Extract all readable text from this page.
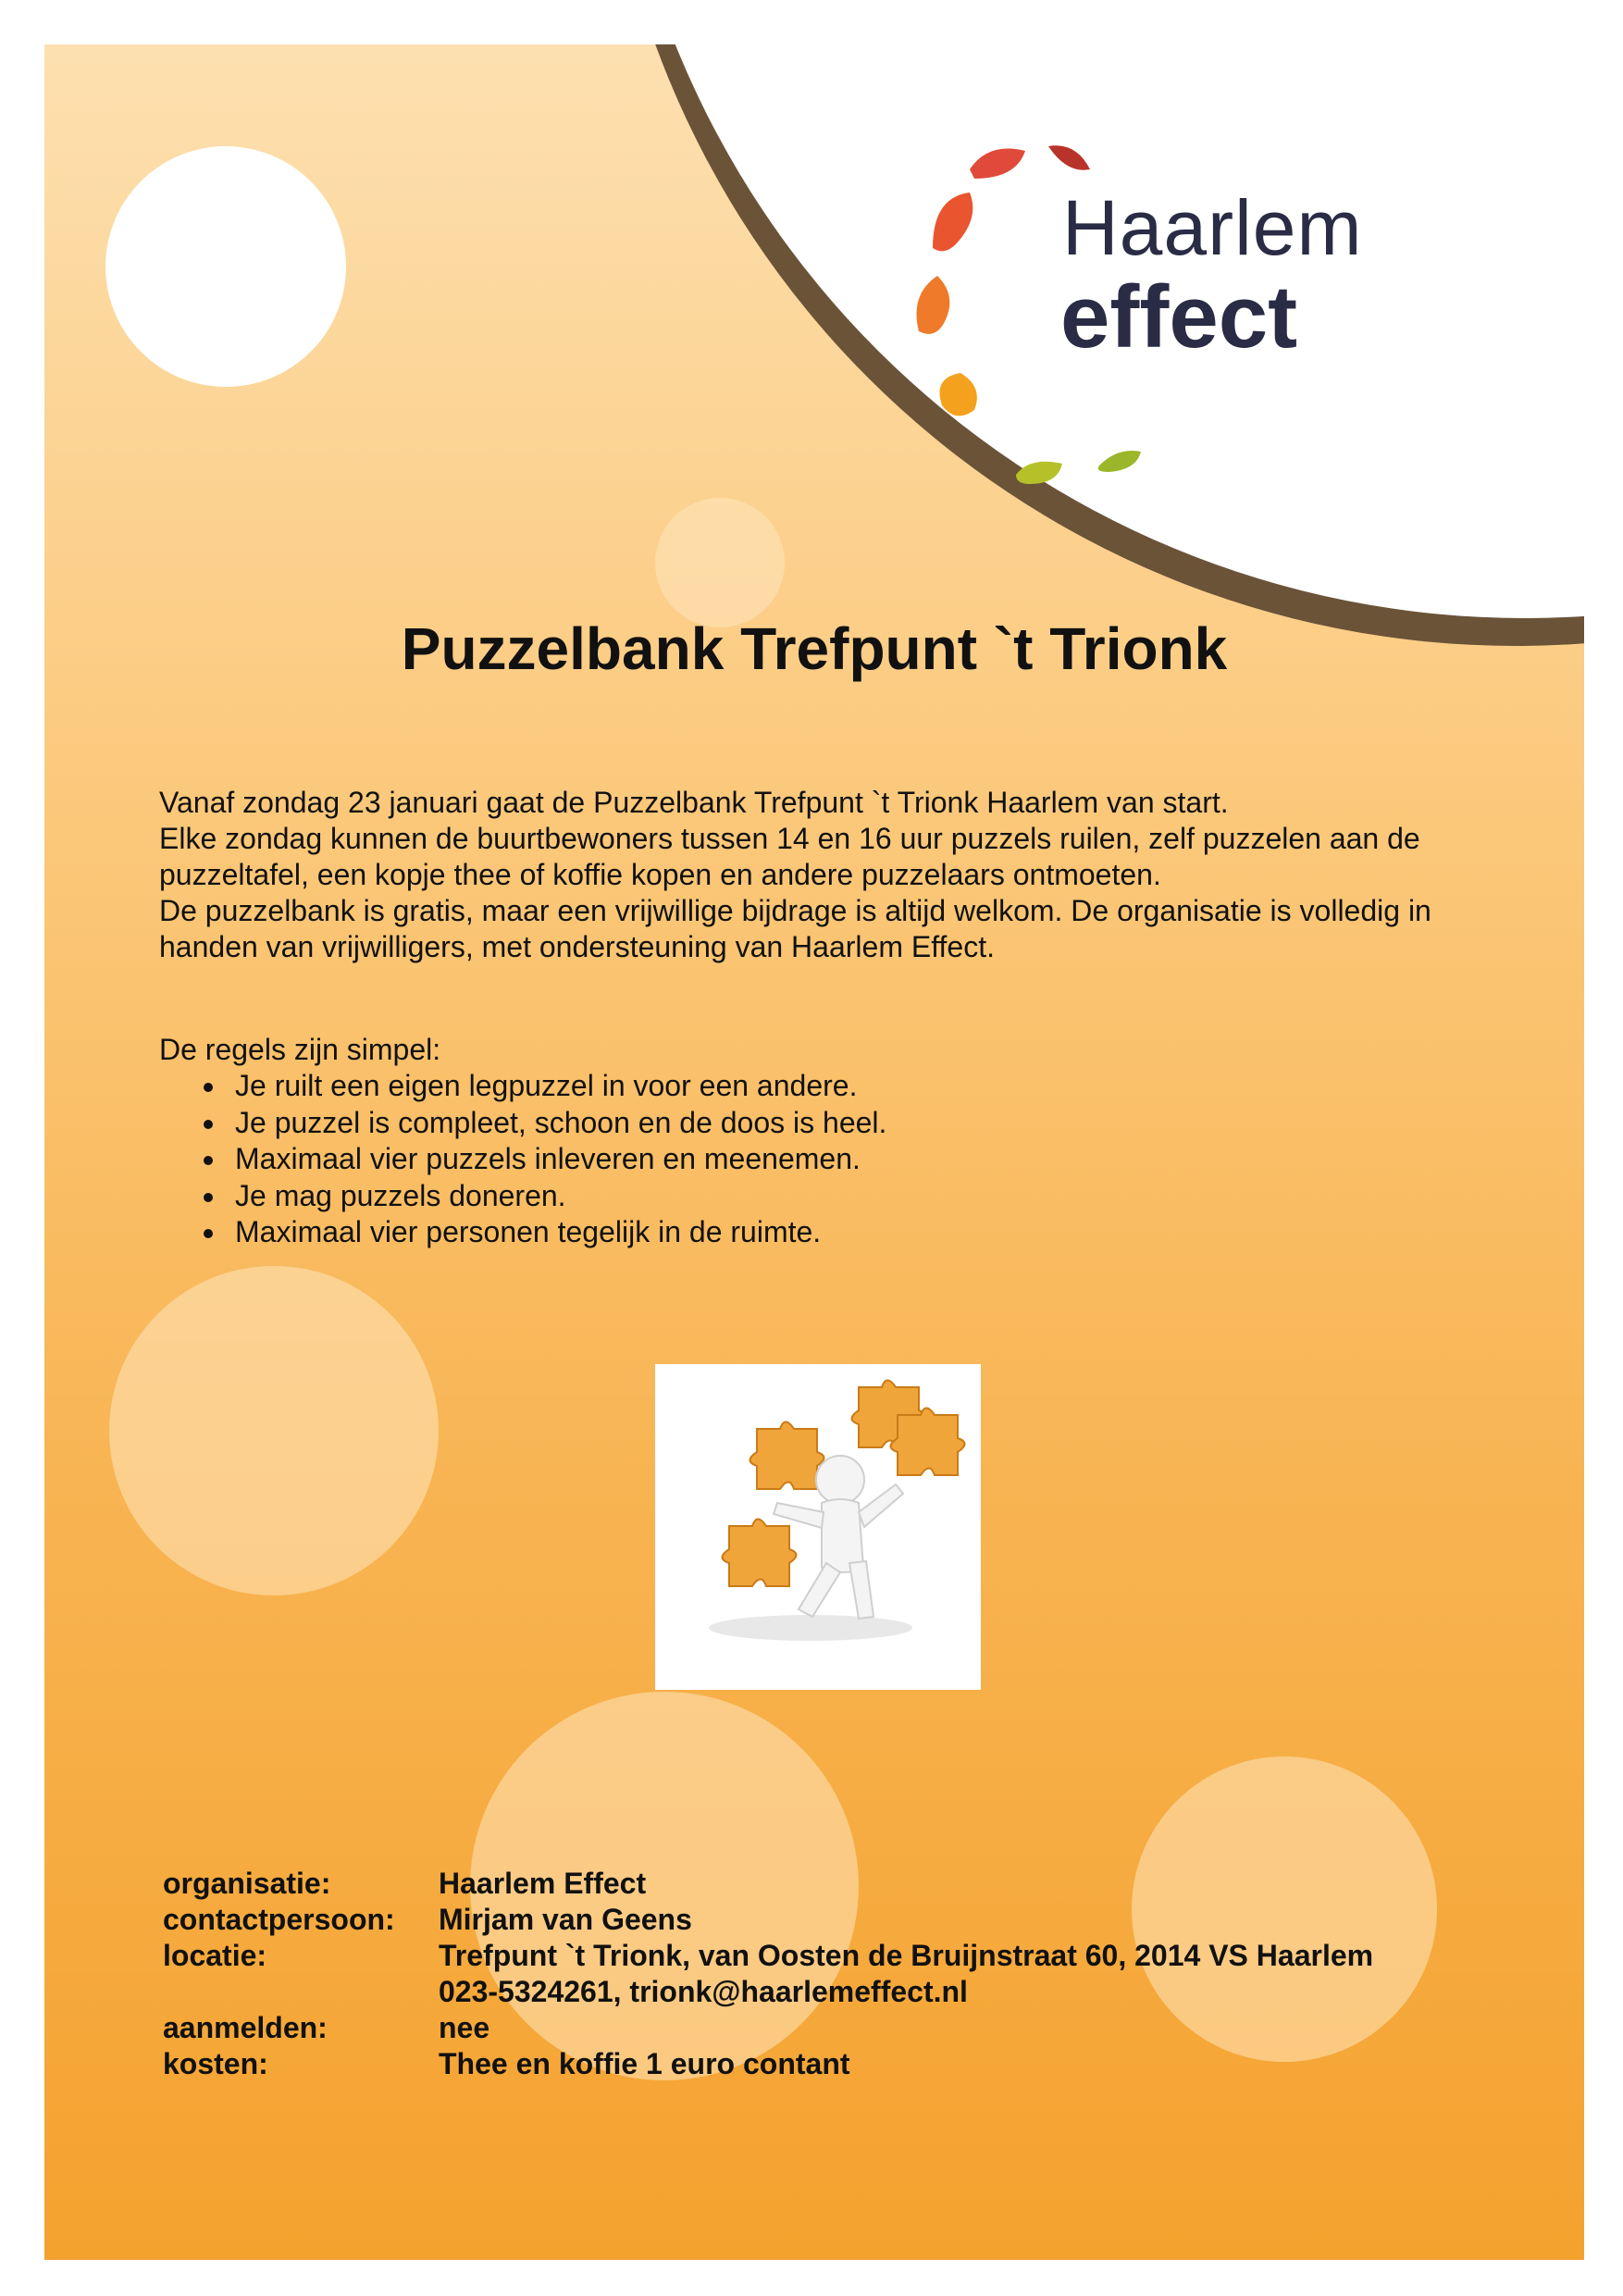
Haarlem
effect
Puzzelbank Trefpunt `t Trionk

Vanaf zondag 23 januari gaat de Puzzelbank Trefpunt `t Trionk Haarlem van start.

Elke zondag kunnen de buurtbewoners tussen 14 en 16 uur puzzels ruilen, zelf puzzelen aan de puzzeltafel, een kopje thee of koffie kopen en andere puzzelaars ontmoeten.

De puzzelbank is gratis, maar een vrijwillige bijdrage is altijd welkom. De organisatie is volledig in handen van vrijwilligers, met ondersteuning van Haarlem Effect.

De regels zijn simpel:

• Je ruilt een eigen legpuzzel in voor een andere.
• Je puzzel is compleet, schoon en de doos is heel.
• Maximaal vier puzzels inleveren en meenemen.
• Je mag puzzels doneren.
• Maximaal vier personen tegelijk in de ruimte.
organisatie:	Haarlem Effect
contactpersoon:	Mirjam van Geens
locatie:	Trefpunt `t Trionk, van Oosten de Bruijnstraat 60, 2014 VS Haarlem
023-5324261, trionk@haarlemeffect.nl
aanmelden:	nee
kosten:	Thee en koffie 1 euro contant
